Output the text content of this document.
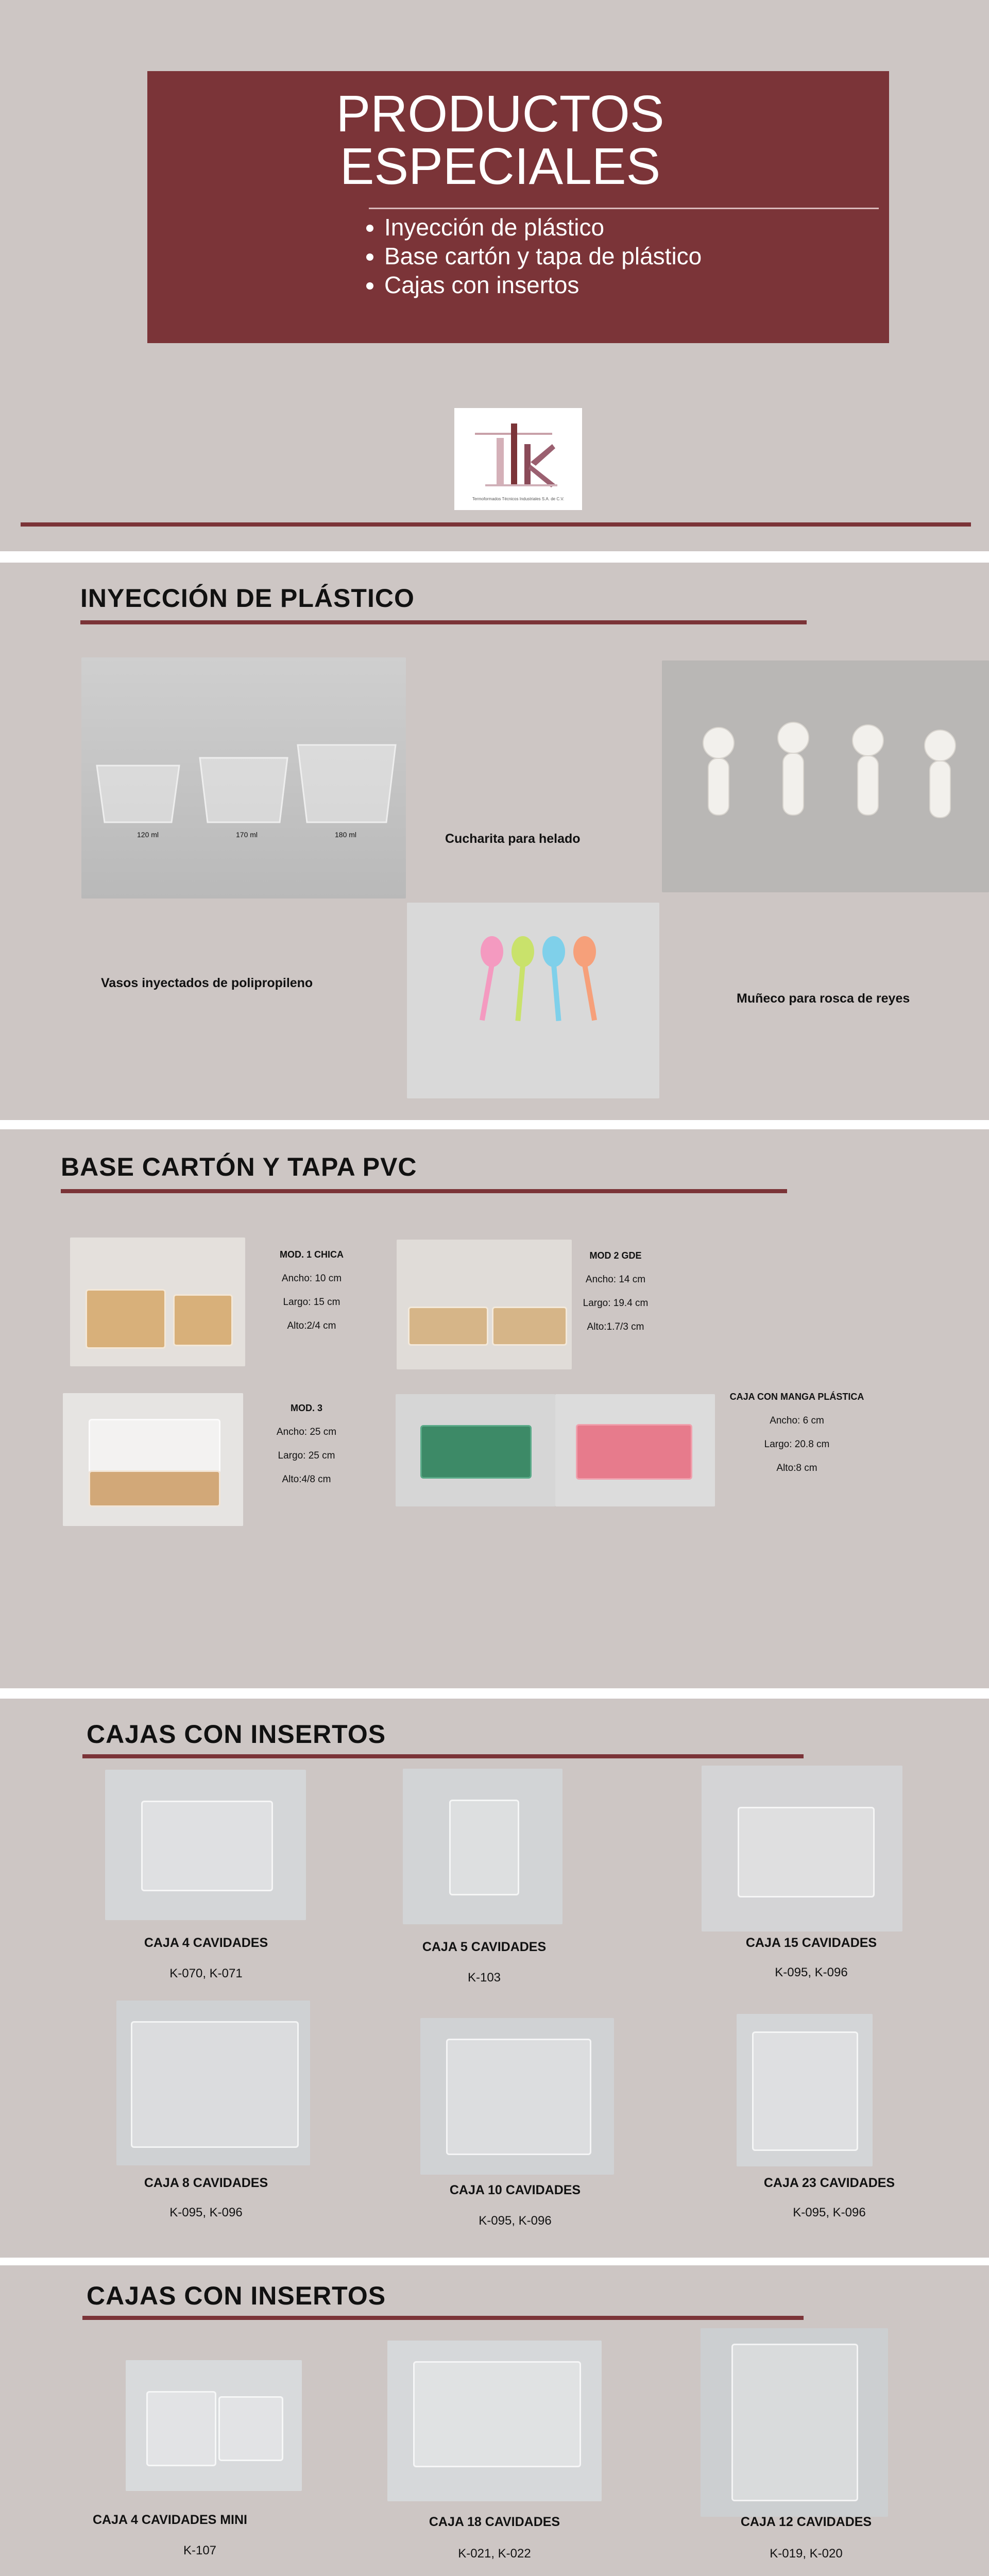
PRODUCTOS
ESPECIALES
• Inyección de plástico
• Base cartón y tapa de plástico
• Cajas con insertos
Termoformados Técnicos Industriales S.A. de C.V.
INYECCIÓN DE PLÁSTICO
120 ml	170 ml	180 ml	Cucharita para helado
Vasos inyectados de polipropileno
Muñeco para rosca de reyes
BASE CARTÓN Y TAPA PVC
MOD. 1 CHICA
Ancho: 10 cm
Largo: 15 cm
Alto:2/4 cm
MOD 2 GDE
Ancho: 14 cm
Largo: 19.4 cm
Alto:1.7/3 cm
MOD. 3
Ancho: 25 cm
Largo: 25 cm
Alto:4/8 cm
CAJA CON MANGA PLÁSTICA
Ancho: 6 cm
Largo: 20.8 cm
Alto:8 cm
CAJAS CON INSERTOS
CAJA 4 CAVIDADES
K-070, K-071
CAJA 5 CAVIDADES
K-103
CAJA 15 CAVIDADES
K-095, K-096
CAJA 8 CAVIDADES
K-095, K-096
CAJA 10 CAVIDADES
K-095, K-096
CAJA 23 CAVIDADES
K-095, K-096
CAJAS CON INSERTOS
CAJA 4 CAVIDADES MINI
K-107
CAJA 18 CAVIDADES
K-021, K-022
CAJA 12 CAVIDADES
K-019, K-020
